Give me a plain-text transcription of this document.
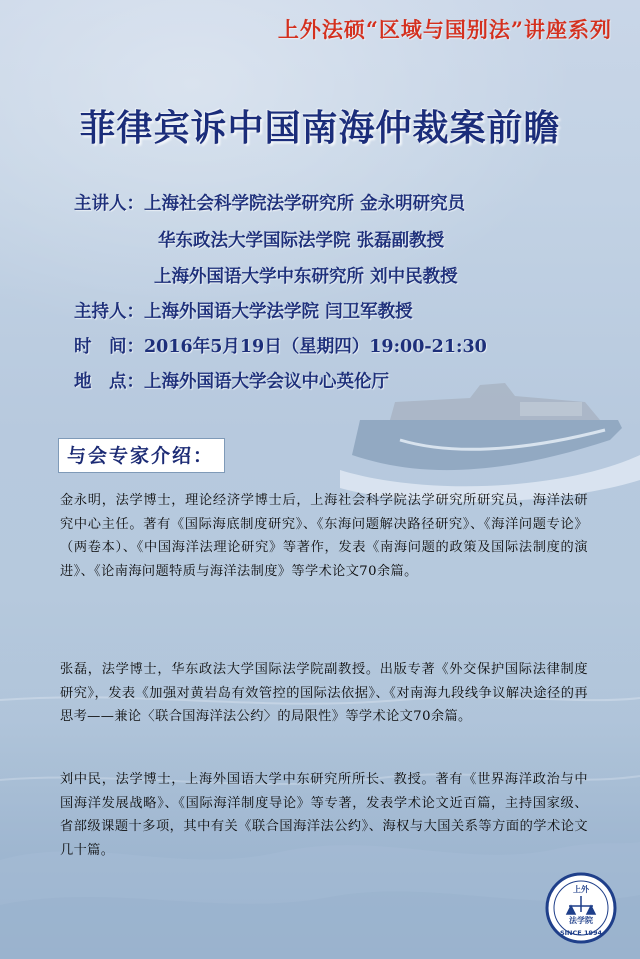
上外法硕“区域与国别法”讲座系列
菲律宾诉中国南海仲裁案前瞻
主讲人：上海社会科学院法学研究所 金永明研究员
华东政法大学国际法学院 张磊副教授
上海外国语大学中东研究所 刘中民教授
主持人：上海外国语大学法学院 闫卫军教授
时　间：2016年5月19日（星期四）19:00-21:30
地　点：上海外国语大学会议中心英伦厅
与会专家介绍：

金永明，法学博士，理论经济学博士后，上海社会科学院法学研究所研究员，海洋法研究中心主任。著有《国际海底制度研究》、《东海问题解决路径研究》、《海洋问题专论》（两卷本）、《中国海洋法理论研究》等著作，发表《南海问题的政策及国际法制度的演进》、《论南海问题特质与海洋法制度》等学术论文70余篇。

张磊，法学博士，华东政法大学国际法学院副教授。出版专著《外交保护国际法律制度研究》，发表《加强对黄岩岛有效管控的国际法依据》、《对南海九段线争议解决途径的再思考——兼论〈联合国海洋法公约〉的局限性》等学术论文70余篇。

刘中民，法学博士，上海外国语大学中东研究所所长、教授。著有《世界海洋政治与中国海洋发展战略》、《国际海洋制度导论》等专著，发表学术论文近百篇，主持国家级、省部级课题十多项，其中有关《联合国海洋法公约》、海权与大国关系等方面的学术论文几十篇。

上外
法学院
SINCE 1994
